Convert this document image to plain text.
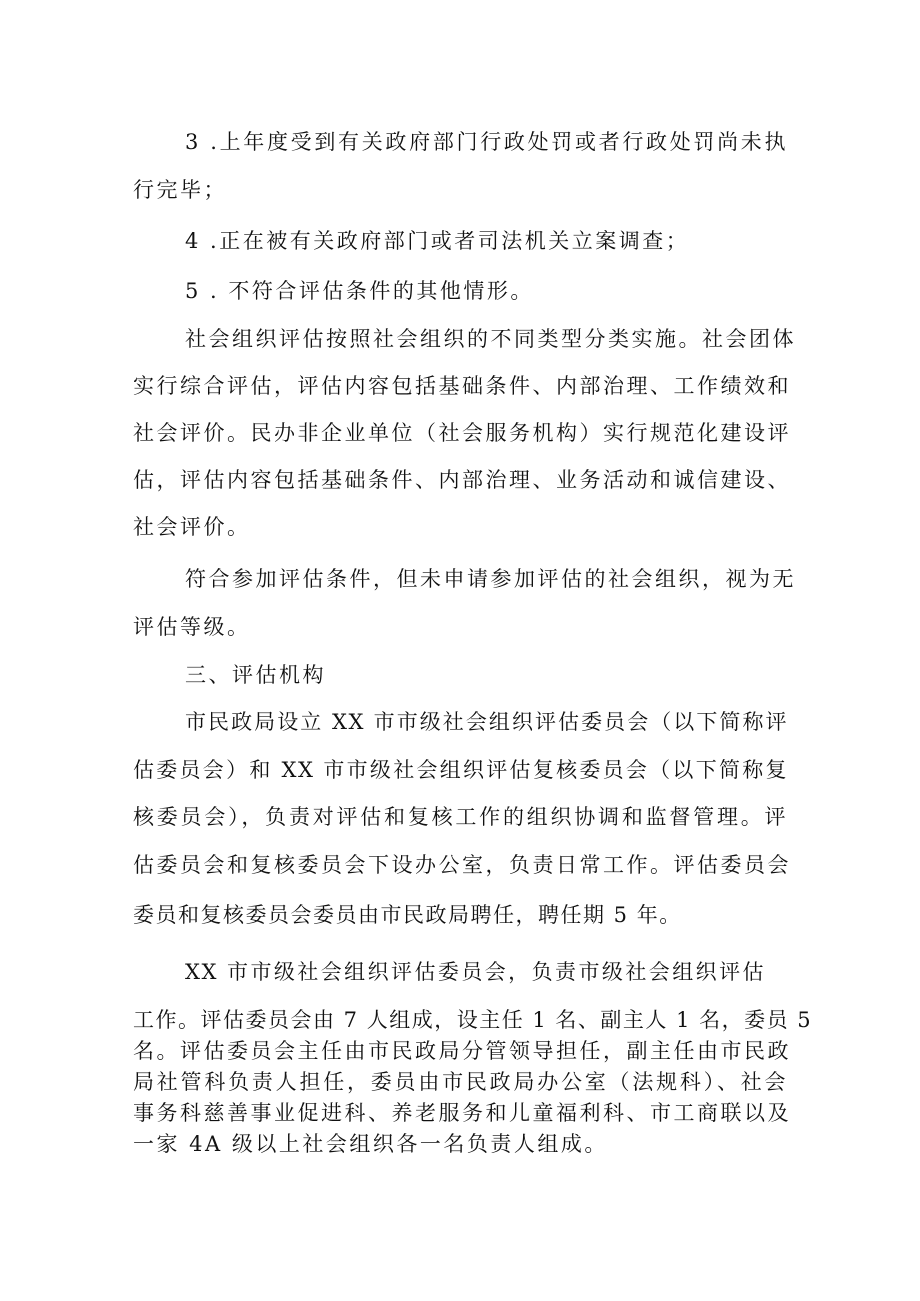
3 .上年度受到有关政府部门行政处罚或者行政处罚尚未执
行完毕；
4 .正在被有关政府部门或者司法机关立案调查；
5 . 不符合评估条件的其他情形。
社会组织评估按照社会组织的不同类型分类实施。社会团体
实行综合评估，评估内容包括基础条件、内部治理、工作绩效和
社会评价。民办非企业单位（社会服务机构）实行规范化建设评
估，评估内容包括基础条件、内部治理、业务活动和诚信建设、
社会评价。
符合参加评估条件，但未申请参加评估的社会组织，视为无
评估等级。
三、评估机构
市民政局设立 XX 市市级社会组织评估委员会（以下简称评
估委员会）和 XX 市市级社会组织评估复核委员会（以下简称复
核委员会），负责对评估和复核工作的组织协调和监督管理。评
估委员会和复核委员会下设办公室，负责日常工作。评估委员会
委员和复核委员会委员由市民政局聘任，聘任期 5 年。
XX 市市级社会组织评估委员会，负责市级社会组织评估
工作。评估委员会由 7 人组成，设主任 1 名、副主人 1 名，委员 5
名。评估委员会主任由市民政局分管领导担任，副主任由市民政
局社管科负责人担任，委员由市民政局办公室（法规科）、社会
事务科慈善事业促进科、养老服务和儿童福利科、市工商联以及
一家 4A 级以上社会组织各一名负责人组成。
